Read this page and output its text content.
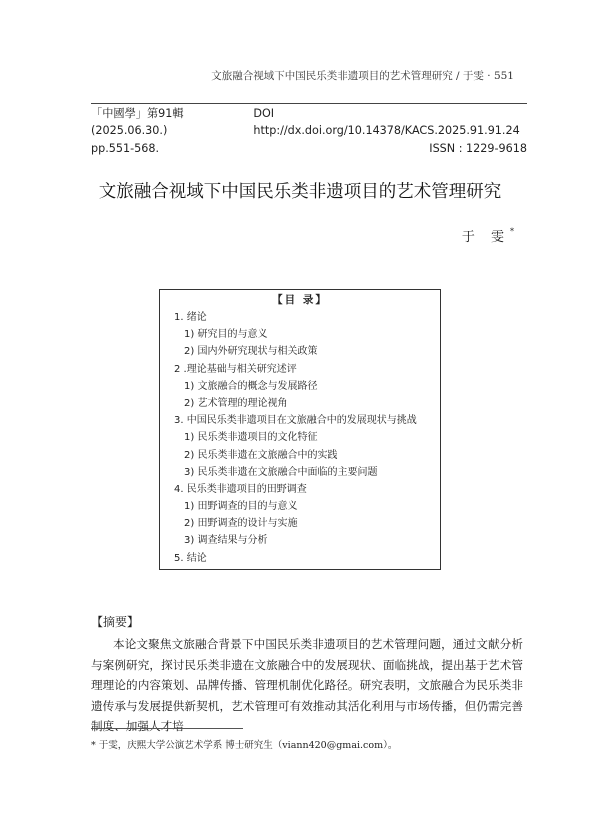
文旅融合视域下中国民乐类非遗项目的艺术管理研究 / 于雯 · 551
「中國學」第91輯 (2025.06.30.)
DOI http://dx.doi.org/10.14378/KACS.2025.91.91.24
pp.551-568.	ISSN : 1229-9618
文旅融合视域下中国民乐类非遗项目的艺术管理研究
于 雯*
【目 录】
1. 绪论
1) 研究目的与意义
2) 国内外研究现状与相关政策
2 .理论基础与相关研究述评
1) 文旅融合的概念与发展路径
2) 艺术管理的理论视角
3. 中国民乐类非遗项目在文旅融合中的发展现状与挑战
1) 民乐类非遗项目的文化特征
2) 民乐类非遗在文旅融合中的实践
3) 民乐类非遗在文旅融合中面临的主要问题
4. 民乐类非遗项目的田野调查
1) 田野调查的目的与意义
2) 田野调查的设计与实施
3) 调查结果与分析
5. 结论
【摘要】
本论文聚焦文旅融合背景下中国民乐类非遗项目的艺术管理问题，通过文献分析与案例研究，探讨民乐类非遗在文旅融合中的发展现状、面临挑战，提出基于艺术管理理论的内容策划、品牌传播、管理机制优化路径。研究表明，文旅融合为民乐类非遗传承与发展提供新契机，艺术管理可有效推动其活化利用与市场传播，但仍需完善制度、加强人才培
* 于雯，庆熙大学公演艺术学系 博士研究生（viann420@gmai.com）。
